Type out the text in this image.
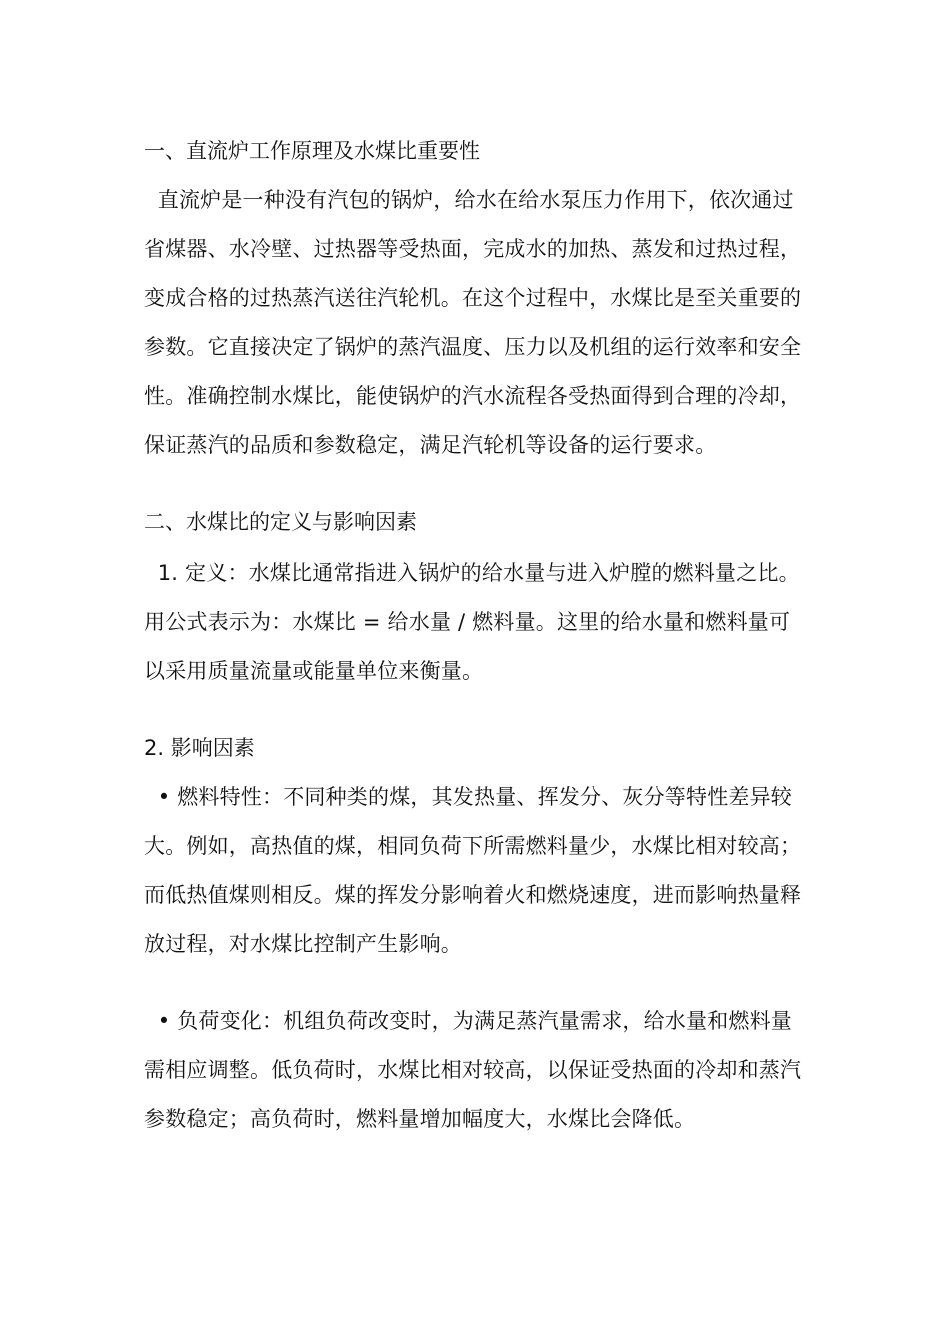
一、直流炉工作原理及水煤比重要性
直流炉是一种没有汽包的锅炉，给水在给水泵压力作用下，依次通过
省煤器、水冷壁、过热器等受热面，完成水的加热、蒸发和过热过程，
变成合格的过热蒸汽送往汽轮机。在这个过程中，水煤比是至关重要的
参数。它直接决定了锅炉的蒸汽温度、压力以及机组的运行效率和安全
性。准确控制水煤比，能使锅炉的汽水流程各受热面得到合理的冷却，
保证蒸汽的品质和参数稳定，满足汽轮机等设备的运行要求。
二、水煤比的定义与影响因素
1. 定义：水煤比通常指进入锅炉的给水量与进入炉膛的燃料量之比。
用公式表示为：水煤比 = 给水量 / 燃料量。这里的给水量和燃料量可
以采用质量流量或能量单位来衡量。
2. 影响因素
• 燃料特性：不同种类的煤，其发热量、挥发分、灰分等特性差异较
大。例如，高热值的煤，相同负荷下所需燃料量少，水煤比相对较高；
而低热值煤则相反。煤的挥发分影响着火和燃烧速度，进而影响热量释
放过程，对水煤比控制产生影响。
• 负荷变化：机组负荷改变时，为满足蒸汽量需求，给水量和燃料量
需相应调整。低负荷时，水煤比相对较高，以保证受热面的冷却和蒸汽
参数稳定；高负荷时，燃料量增加幅度大，水煤比会降低。
